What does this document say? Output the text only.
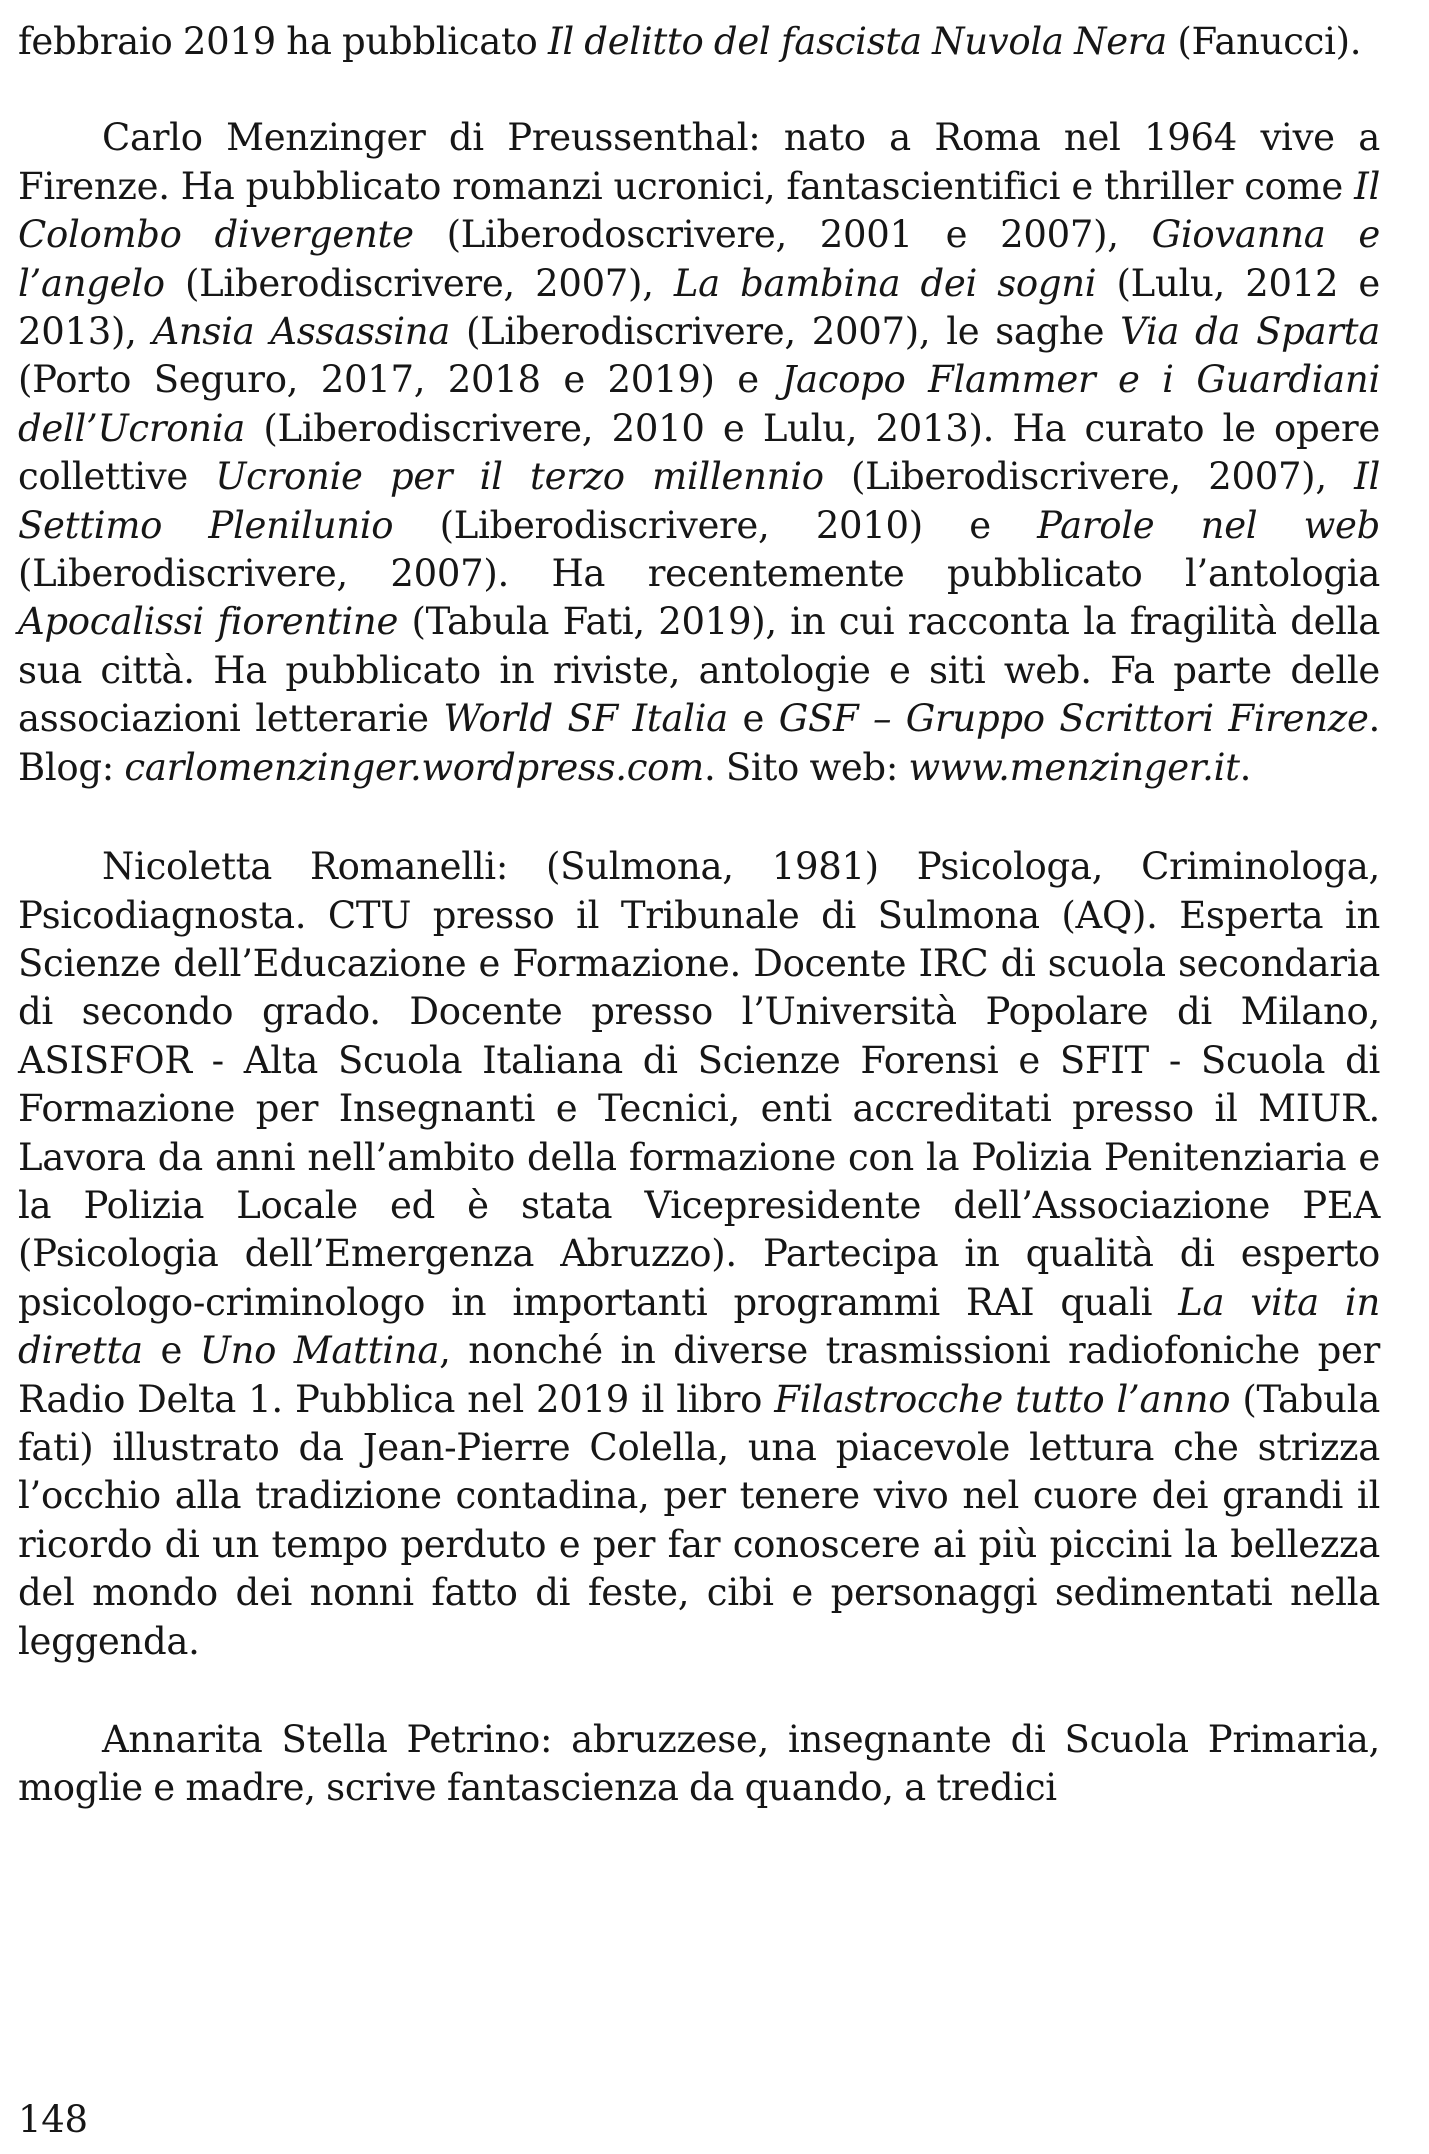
febbraio 2019 ha pubblicato Il delitto del fascista Nuvola Nera (Fanucci).

Carlo Menzinger di Preussenthal: nato a Roma nel 1964 vive a Firenze. Ha pubblicato romanzi ucronici, fantascientifici e thriller come Il Colombo divergente (Liberodoscrivere, 2001 e 2007), Giovanna e l’angelo (Liberodiscrivere, 2007), La bambina dei sogni (Lulu, 2012 e 2013), Ansia Assassina (Liberodiscrivere, 2007), le saghe Via da Sparta (Porto Seguro, 2017, 2018 e 2019) e Jacopo Flammer e i Guardiani dell’Ucronia (Liberodiscrivere, 2010 e Lulu, 2013). Ha curato le opere collettive Ucronie per il terzo millennio (Liberodiscrivere, 2007), Il Settimo Plenilunio (Liberodiscrivere, 2010) e Parole nel web (Liberodiscrivere, 2007). Ha recentemente pubblicato l’antologia Apocalissi fiorentine (Tabula Fati, 2019), in cui racconta la fragilità della sua città. Ha pubblicato in riviste, antologie e siti web. Fa parte delle associazioni letterarie World SF Italia e GSF – Gruppo Scrittori Firenze. Blog: carlomenzinger.wordpress.com. Sito web: www.menzinger.it.

Nicoletta Romanelli: (Sulmona, 1981) Psicologa, Criminologa, Psicodiagnosta. CTU presso il Tribunale di Sulmona (AQ). Esperta in Scienze dell’Educazione e Formazione. Docente IRC di scuola secondaria di secondo grado. Docente presso l’Università Popolare di Milano, ASISFOR - Alta Scuola Italiana di Scienze Forensi e SFIT - Scuola di Formazione per Insegnanti e Tecnici, enti accreditati presso il MIUR. Lavora da anni nell’ambito della formazione con la Polizia Penitenziaria e la Polizia Locale ed è stata Vicepresidente dell’Associazione PEA (Psicologia dell’Emergenza Abruzzo). Partecipa in qualità di esperto psicologo-criminologo in importanti programmi RAI quali La vita in diretta e Uno Mattina, nonché in diverse trasmissioni radiofoniche per Radio Delta 1. Pubblica nel 2019 il libro Filastrocche tutto l’anno (Tabula fati) illustrato da Jean-Pierre Colella, una piacevole lettura che strizza l’occhio alla tradizione contadina, per tenere vivo nel cuore dei grandi il ricordo di un tempo perduto e per far conoscere ai più piccini la bellezza del mondo dei nonni fatto di feste, cibi e personaggi sedimentati nella leggenda.

Annarita Stella Petrino: abruzzese, insegnante di Scuola Primaria, moglie e madre, scrive fantascienza da quando, a tredici

148
